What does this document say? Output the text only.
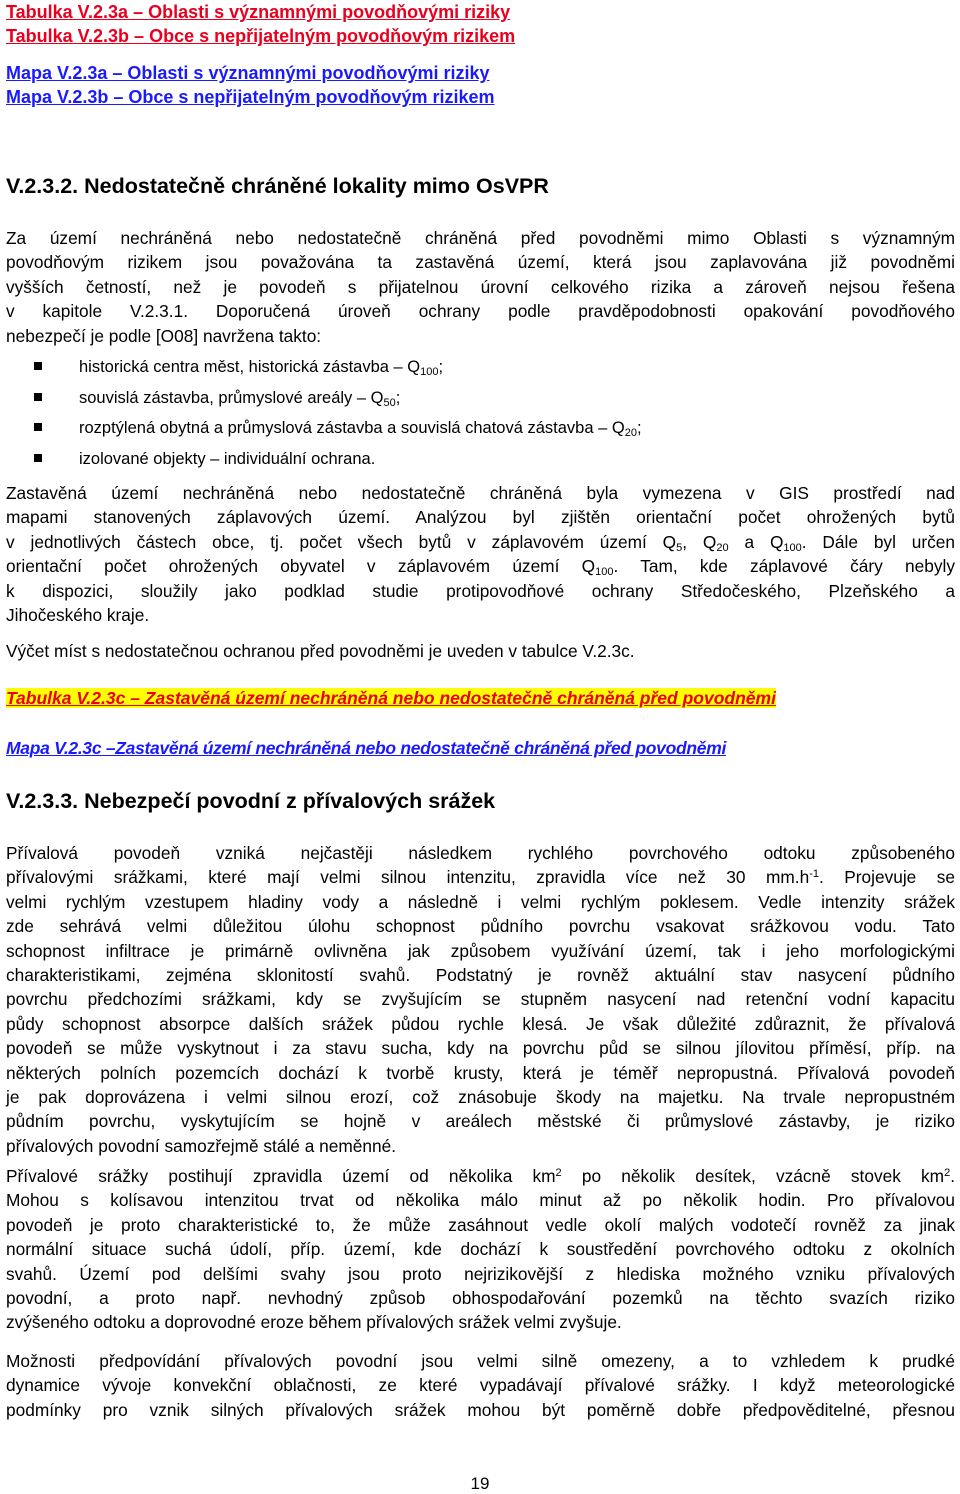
Tabulka V.2.3a – Oblasti s významnými povodňovými riziky

Tabulka V.2.3b – Obce s nepřijatelným povodňovým rizikem

Mapa V.2.3a – Oblasti s významnými povodňovými riziky

Mapa V.2.3b – Obce s nepřijatelným povodňovým rizikem

V.2.3.2. Nedostatečně chráněné lokality mimo OsVPR
Za území nechráněná nebo nedostatečně chráněná před povodněmi mimo Oblasti s významným
povodňovým rizikem jsou považována ta zastavěná území, která jsou zaplavována již povodněmi
vyšších četností, než je povodeň s přijatelnou úrovní celkového rizika a zároveň nejsou řešena
v kapitole V.2.3.1. Doporučená úroveň ochrany podle pravděpodobnosti opakování povodňového
nebezpečí je podle [O08] navržena takto:
historická centra měst, historická zástavba – $Q_{100}$;
souvislá zástavba, průmyslové areály – $Q_{50}$;
rozptýlená obytná a průmyslová zástavba a souvislá chatová zástavba – $Q_{20}$;
izolované objekty – individuální ochrana.
Zastavěná území nechráněná nebo nedostatečně chráněná byla vymezena v GIS prostředí nad
mapami stanovených záplavových území. Analýzou byl zjištěn orientační počet ohrožených bytů
v jednotlivých částech obce, tj. počet všech bytů v záplavovém území $Q_5$, $Q_{20}$ a $Q_{100}$. Dále byl určen
orientační počet ohrožených obyvatel v záplavovém území $Q_{100}$. Tam, kde záplavové čáry nebyly
k dispozici, sloužily jako podklad studie protipovodňové ochrany Středočeského, Plzeňského a
Jihočeského kraje.

Výčet míst s nedostatečnou ochranou před povodněmi je uveden v tabulce V.2.3c.

Tabulka V.2.3c – Zastavěná území nechráněná nebo nedostatečně chráněná před povodněmi

Mapa V.2.3c –Zastavěná území nechráněná nebo nedostatečně chráněná před povodněmi

V.2.3.3. Nebezpečí povodní z přívalových srážek
Přívalová povodeň vzniká nejčastěji následkem rychlého povrchového odtoku způsobeného
přívalovými srážkami, které mají velmi silnou intenzitu, zpravidla více než 30 $mm.h^{-1}$. Projevuje se
velmi rychlým vzestupem hladiny vody a následně i velmi rychlým poklesem. Vedle intenzity srážek
zde sehrává velmi důležitou úlohu schopnost půdního povrchu vsakovat srážkovou vodu. Tato
schopnost infiltrace je primárně ovlivněna jak způsobem využívání území, tak i jeho morfologickými
charakteristikami, zejména sklonitostí svahů. Podstatný je rovněž aktuální stav nasycení půdního
povrchu předchozími srážkami, kdy se zvyšujícím se stupněm nasycení nad retenční vodní kapacitu
půdy schopnost absorpce dalších srážek půdou rychle klesá. Je však důležité zdůraznit, že přívalová
povodeň se může vyskytnout i za stavu sucha, kdy na povrchu půd se silnou jílovitou příměsí, příp. na
některých polních pozemcích dochází k tvorbě krusty, která je téměř nepropustná. Přívalová povodeň
je pak doprovázena i velmi silnou erozí, což znásobuje škody na majetku. Na trvale nepropustném
půdním povrchu, vyskytujícím se hojně v areálech městské či průmyslové zástavby, je riziko
přívalových povodní samozřejmě stálé a neměnné.
Přívalové srážky postihují zpravidla území od několika $km^2$ po několik desítek, vzácně stovek $km^2$.
Mohou s kolísavou intenzitou trvat od několika málo minut až po několik hodin. Pro přívalovou
povodeň je proto charakteristické to, že může zasáhnout vedle okolí malých vodotečí rovněž za jinak
normální situace suchá údolí, příp. území, kde dochází k soustředění povrchového odtoku z okolních
svahů. Území pod delšími svahy jsou proto nejrizikovější z hlediska možného vzniku přívalových
povodní, a proto např. nevhodný způsob obhospodařování pozemků na těchto svazích riziko
zvýšeného odtoku a doprovodné eroze během přívalových srážek velmi zvyšuje.
Možnosti předpovídání přívalových povodní jsou velmi silně omezeny, a to vzhledem k prudké
dynamice vývoje konvekční oblačnosti, ze které vypadávají přívalové srážky. I když meteorologické
podmínky pro vznik silných přívalových srážek mohou být poměrně dobře předpověditelné, přesnou
19
